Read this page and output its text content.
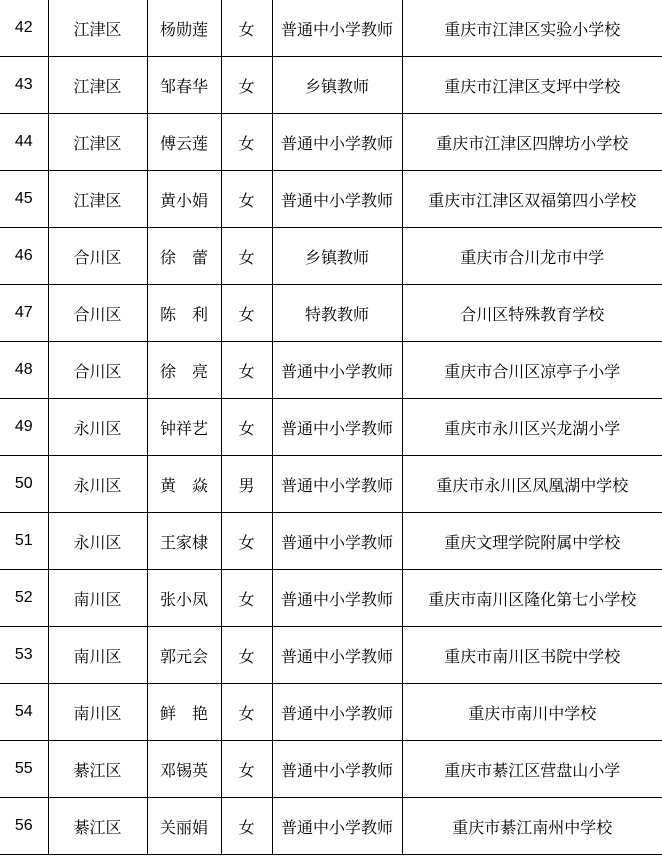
42	江津区	杨勋莲	女	普通中小学教师	重庆市江津区实验小学校
43	江津区	邹春华	女	乡镇教师	重庆市江津区支坪中学校
44	江津区	傅云莲	女	普通中小学教师	重庆市江津区四牌坊小学校
45	江津区	黄小娟	女	普通中小学教师	重庆市江津区双福第四小学校
46	合川区	徐　蕾	女	乡镇教师	重庆市合川龙市中学
47	合川区	陈　利	女	特教教师	合川区特殊教育学校
48	合川区	徐　亮	女	普通中小学教师	重庆市合川区凉亭子小学
49	永川区	钟祥艺	女	普通中小学教师	重庆市永川区兴龙湖小学
50	永川区	黄　焱	男	普通中小学教师	重庆市永川区凤凰湖中学校
51	永川区	王家棣	女	普通中小学教师	重庆文理学院附属中学校
52	南川区	张小凤	女	普通中小学教师	重庆市南川区隆化第七小学校
53	南川区	郭元会	女	普通中小学教师	重庆市南川区书院中学校
54	南川区	鲜　艳	女	普通中小学教师	重庆市南川中学校
55	綦江区	邓锡英	女	普通中小学教师	重庆市綦江区营盘山小学
56	綦江区	关丽娟	女	普通中小学教师	重庆市綦江南州中学校
